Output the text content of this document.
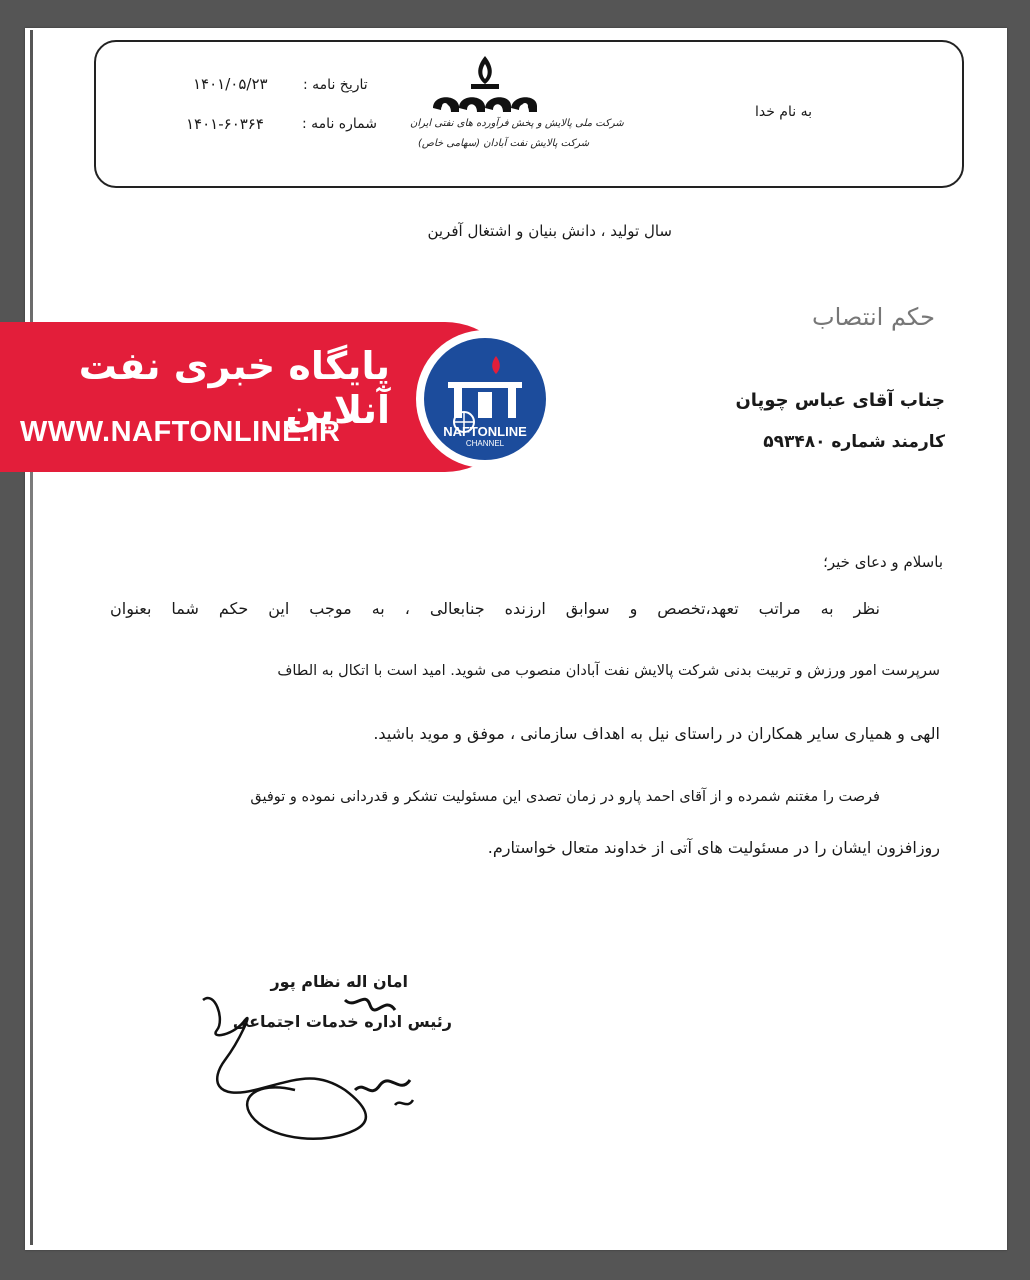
به نام خدا
تاریخ نامه :
۱۴۰۱/۰۵/۲۳
شماره نامه :
۱۴۰۱-۶۰۳۶۴	شرکت ملی پالایش و پخش فرآورده های نفتی ایران
شرکت پالایش نفت آبادان (سهامی خاص)
سال تولید ، دانش بنیان و اشتغال آفرین
حکم انتصاب
جناب آقای عباس چوپان
کارمند شماره ۵۹۳۴۸۰
باسلام و دعای خیر؛
نظر به مراتب تعهد،تخصص و سوابق ارزنده جنابعالی ، به موجب این حکم شما بعنوان
سرپرست امور ورزش و تربیت بدنی شرکت پالایش نفت آبادان منصوب می شوید. امید است با اتکال به الطاف
الهی و همیاری سایر همکاران در راستای نیل به اهداف سازمانی ، موفق و موید باشید.
فرصت را مغتنم شمرده و از آقای احمد پارو در زمان تصدی این مسئولیت تشکر و قدردانی نموده و توفیق
روزافزون ایشان را در مسئولیت های آتی از خداوند متعال خواستارم.
امان اله نظام پور
رئیس اداره خدمات اجتماعی
پایگاه خبری نفت آنلاین
WWW.NAFTONLINE.IR	NAFTONLINE
CHANNEL
